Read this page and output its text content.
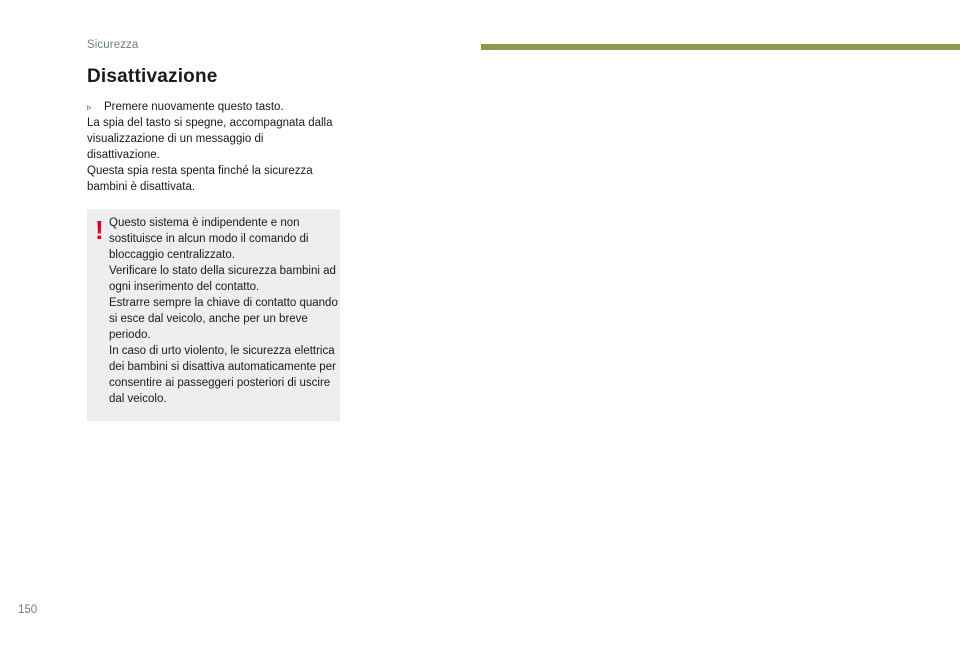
Sicurezza
Disattivazione

▹	Premere nuovamente questo tasto.

La spia del tasto si spegne, accompagnata dalla visualizzazione di un messaggio di disattivazione.

Questa spia resta spenta finché la sicurezza bambini è disattivata.

! Questo sistema è indipendente e non sostituisce in alcun modo il comando di bloccaggio centralizzato.

Verificare lo stato della sicurezza bambini ad ogni inserimento del contatto.

Estrarre sempre la chiave di contatto quando si esce dal veicolo, anche per un breve periodo.

In caso di urto violento, le sicurezza elettrica dei bambini si disattiva automaticamente per consentire ai passeggeri posteriori di uscire dal veicolo.

150
